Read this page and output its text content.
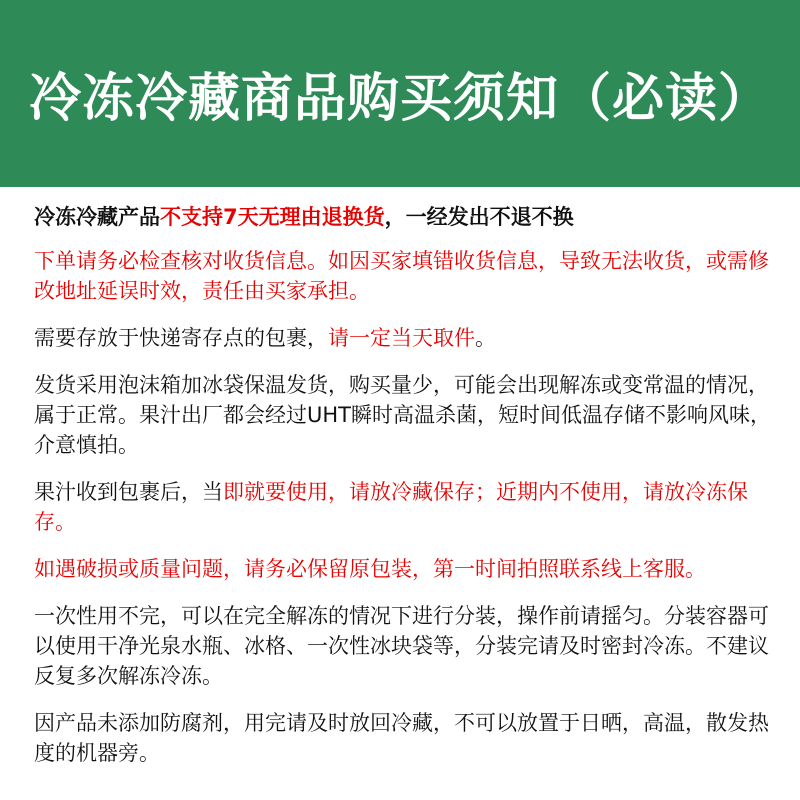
冷冻冷藏商品购买须知（必读）

冷冻冷藏产品不支持7天无理由退换货，一经发出不退不换

下单请务必检查核对收货信息。如因买家填错收货信息，导致无法收货，或需修改地址延误时效，责任由买家承担。

需要存放于快递寄存点的包裹，请一定当天取件。

发货采用泡沫箱加冰袋保温发货，购买量少，可能会出现解冻或变常温的情况，属于正常。果汁出厂都会经过UHT瞬时高温杀菌，短时间低温存储不影响风味，介意慎拍。

果汁收到包裹后，当即就要使用，请放冷藏保存；近期内不使用，请放冷冻保存。

如遇破损或质量问题，请务必保留原包装，第一时间拍照联系线上客服。

一次性用不完，可以在完全解冻的情况下进行分装，操作前请摇匀。分装容器可以使用干净光泉水瓶、冰格、一次性冰块袋等，分装完请及时密封冷冻。不建议反复多次解冻冷冻。

因产品未添加防腐剂，用完请及时放回冷藏，不可以放置于日晒，高温，散发热度的机器旁。
